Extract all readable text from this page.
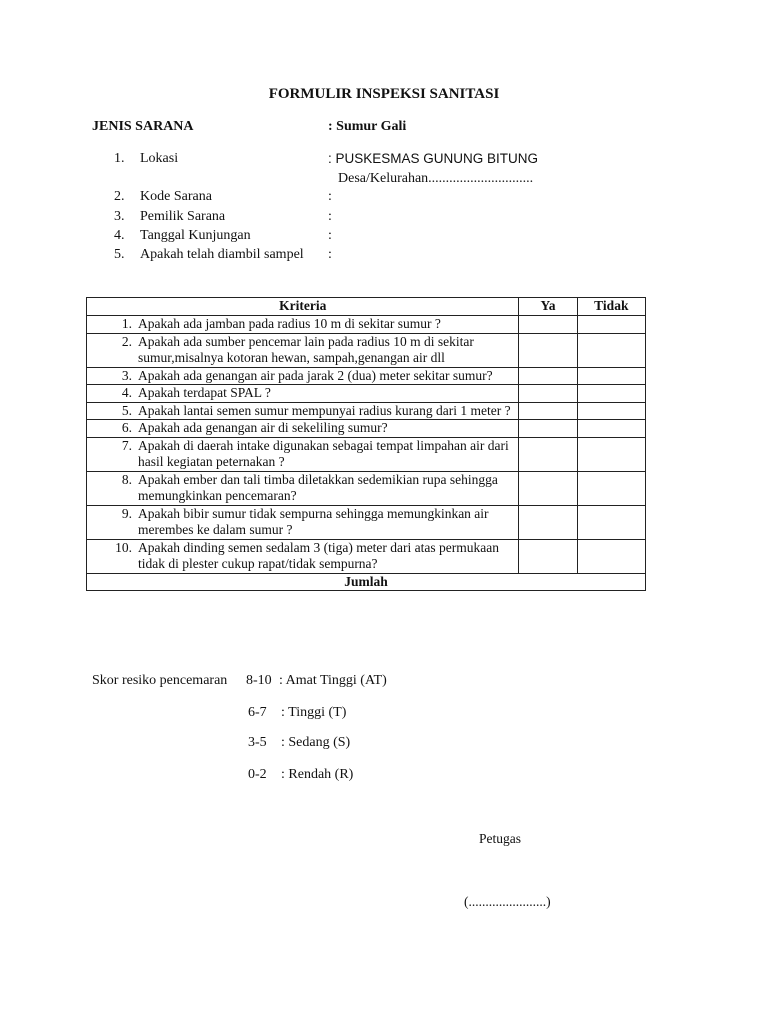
FORMULIR INSPEKSI SANITASI
JENIS SARANA	: Sumur Gali
1. Lokasi	: PUSKESMAS GUNUNG BITUNG
Desa/Kelurahan..............................
2. Kode Sarana	:
3. Pemilik Sarana	:
4. Tanggal Kunjungan	:
5. Apakah telah diambil sampel :
Kriteria	Ya	Tidak

1. Apakah ada jamban pada radius 10 m di sekitar sumur ?		

2. Apakah ada sumber pencemar lain pada radius 10 m di sekitar sumur,misalnya kotoran hewan, sampah,genangan air dll		

3. Apakah ada genangan air pada jarak 2 (dua) meter sekitar sumur?		

4. Apakah terdapat SPAL ?		

5. Apakah lantai semen sumur mempunyai radius kurang dari 1 meter ?		

6. Apakah ada genangan air di sekeliling sumur?		

7. Apakah di daerah intake digunakan sebagai tempat limpahan air dari hasil kegiatan peternakan ?		

8. Apakah ember dan tali timba diletakkan sedemikian rupa sehingga memungkinkan pencemaran?		

9. Apakah bibir sumur tidak sempurna sehingga memungkinkan air merembes ke dalam sumur ?		

10. Apakah dinding semen sedalam 3 (tiga) meter dari atas permukaan tidak di plester cukup rapat/tidak sempurna?		

Jumlah		
Skor resiko pencemaran 8-10 : Amat Tinggi (AT)
6-7 : Tinggi (T)
3-5 : Sedang (S)
0-2 : Rendah (R)
Petugas
(.......................)
